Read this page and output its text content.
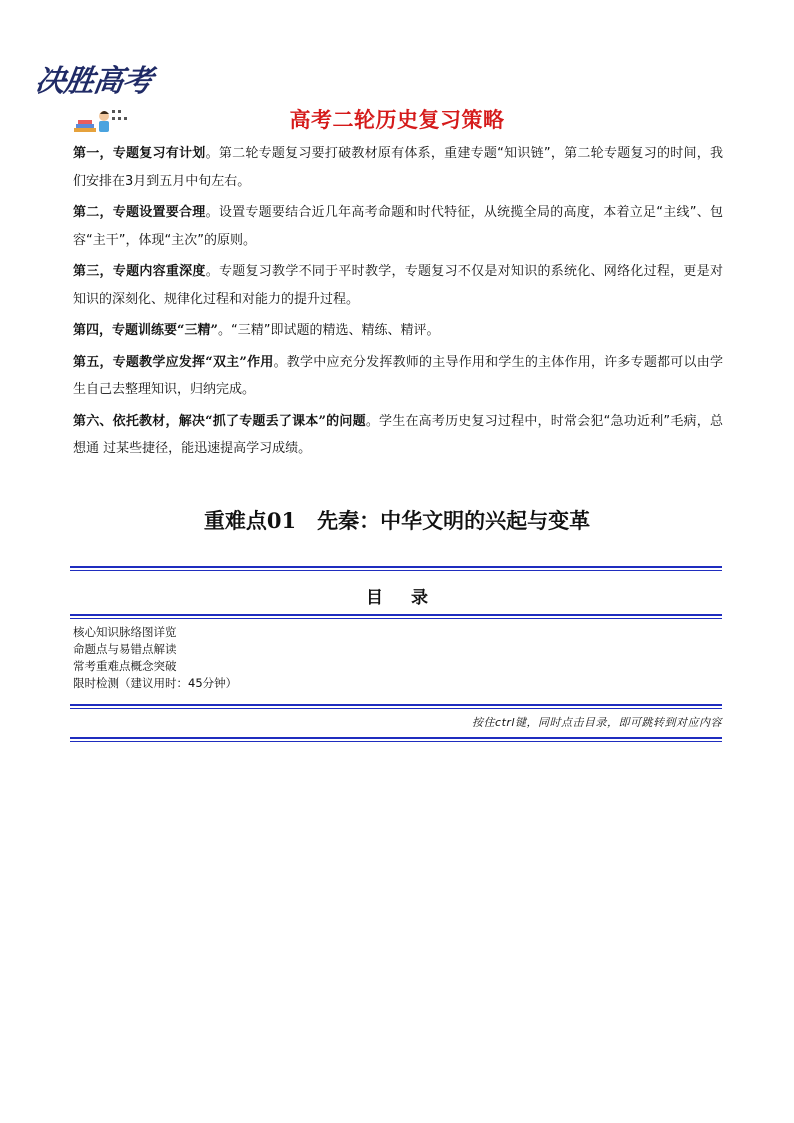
决胜高考
高考二轮历史复习策略

第一，专题复习有计划。第二轮专题复习要打破教材原有体系，重建专题“知识链”，第二轮专题复习的时间，我们安排在3月到五月中旬左右。

第二，专题设置要合理。设置专题要结合近几年高考命题和时代特征，从统揽全局的高度，本着立足“主线”、包容“主干”，体现“主次”的原则。

第三，专题内容重深度。专题复习教学不同于平时教学，专题复习不仅是对知识的系统化、网络化过程，更是对知识的深刻化、规律化过程和对能力的提升过程。

第四，专题训练要“三精”。“三精”即试题的精选、精练、精评。

第五，专题教学应发挥“双主”作用。教学中应充分发挥教师的主导作用和学生的主体作用，许多专题都可以由学生自己去整理知识，归纳完成。

第六、依托教材，解决“抓了专题丢了课本”的问题。学生在高考历史复习过程中，时常会犯“急功近利”毛病，总想通 过某些捷径，能迅速提高学习成绩。

重难点01　先秦：中华文明的兴起与变革
目录
核心知识脉络图详览
命题点与易错点解读
常考重难点概念突破
限时检测（建议用时：45分钟）
按住ctrl键，同时点击目录，即可跳转到对应内容
